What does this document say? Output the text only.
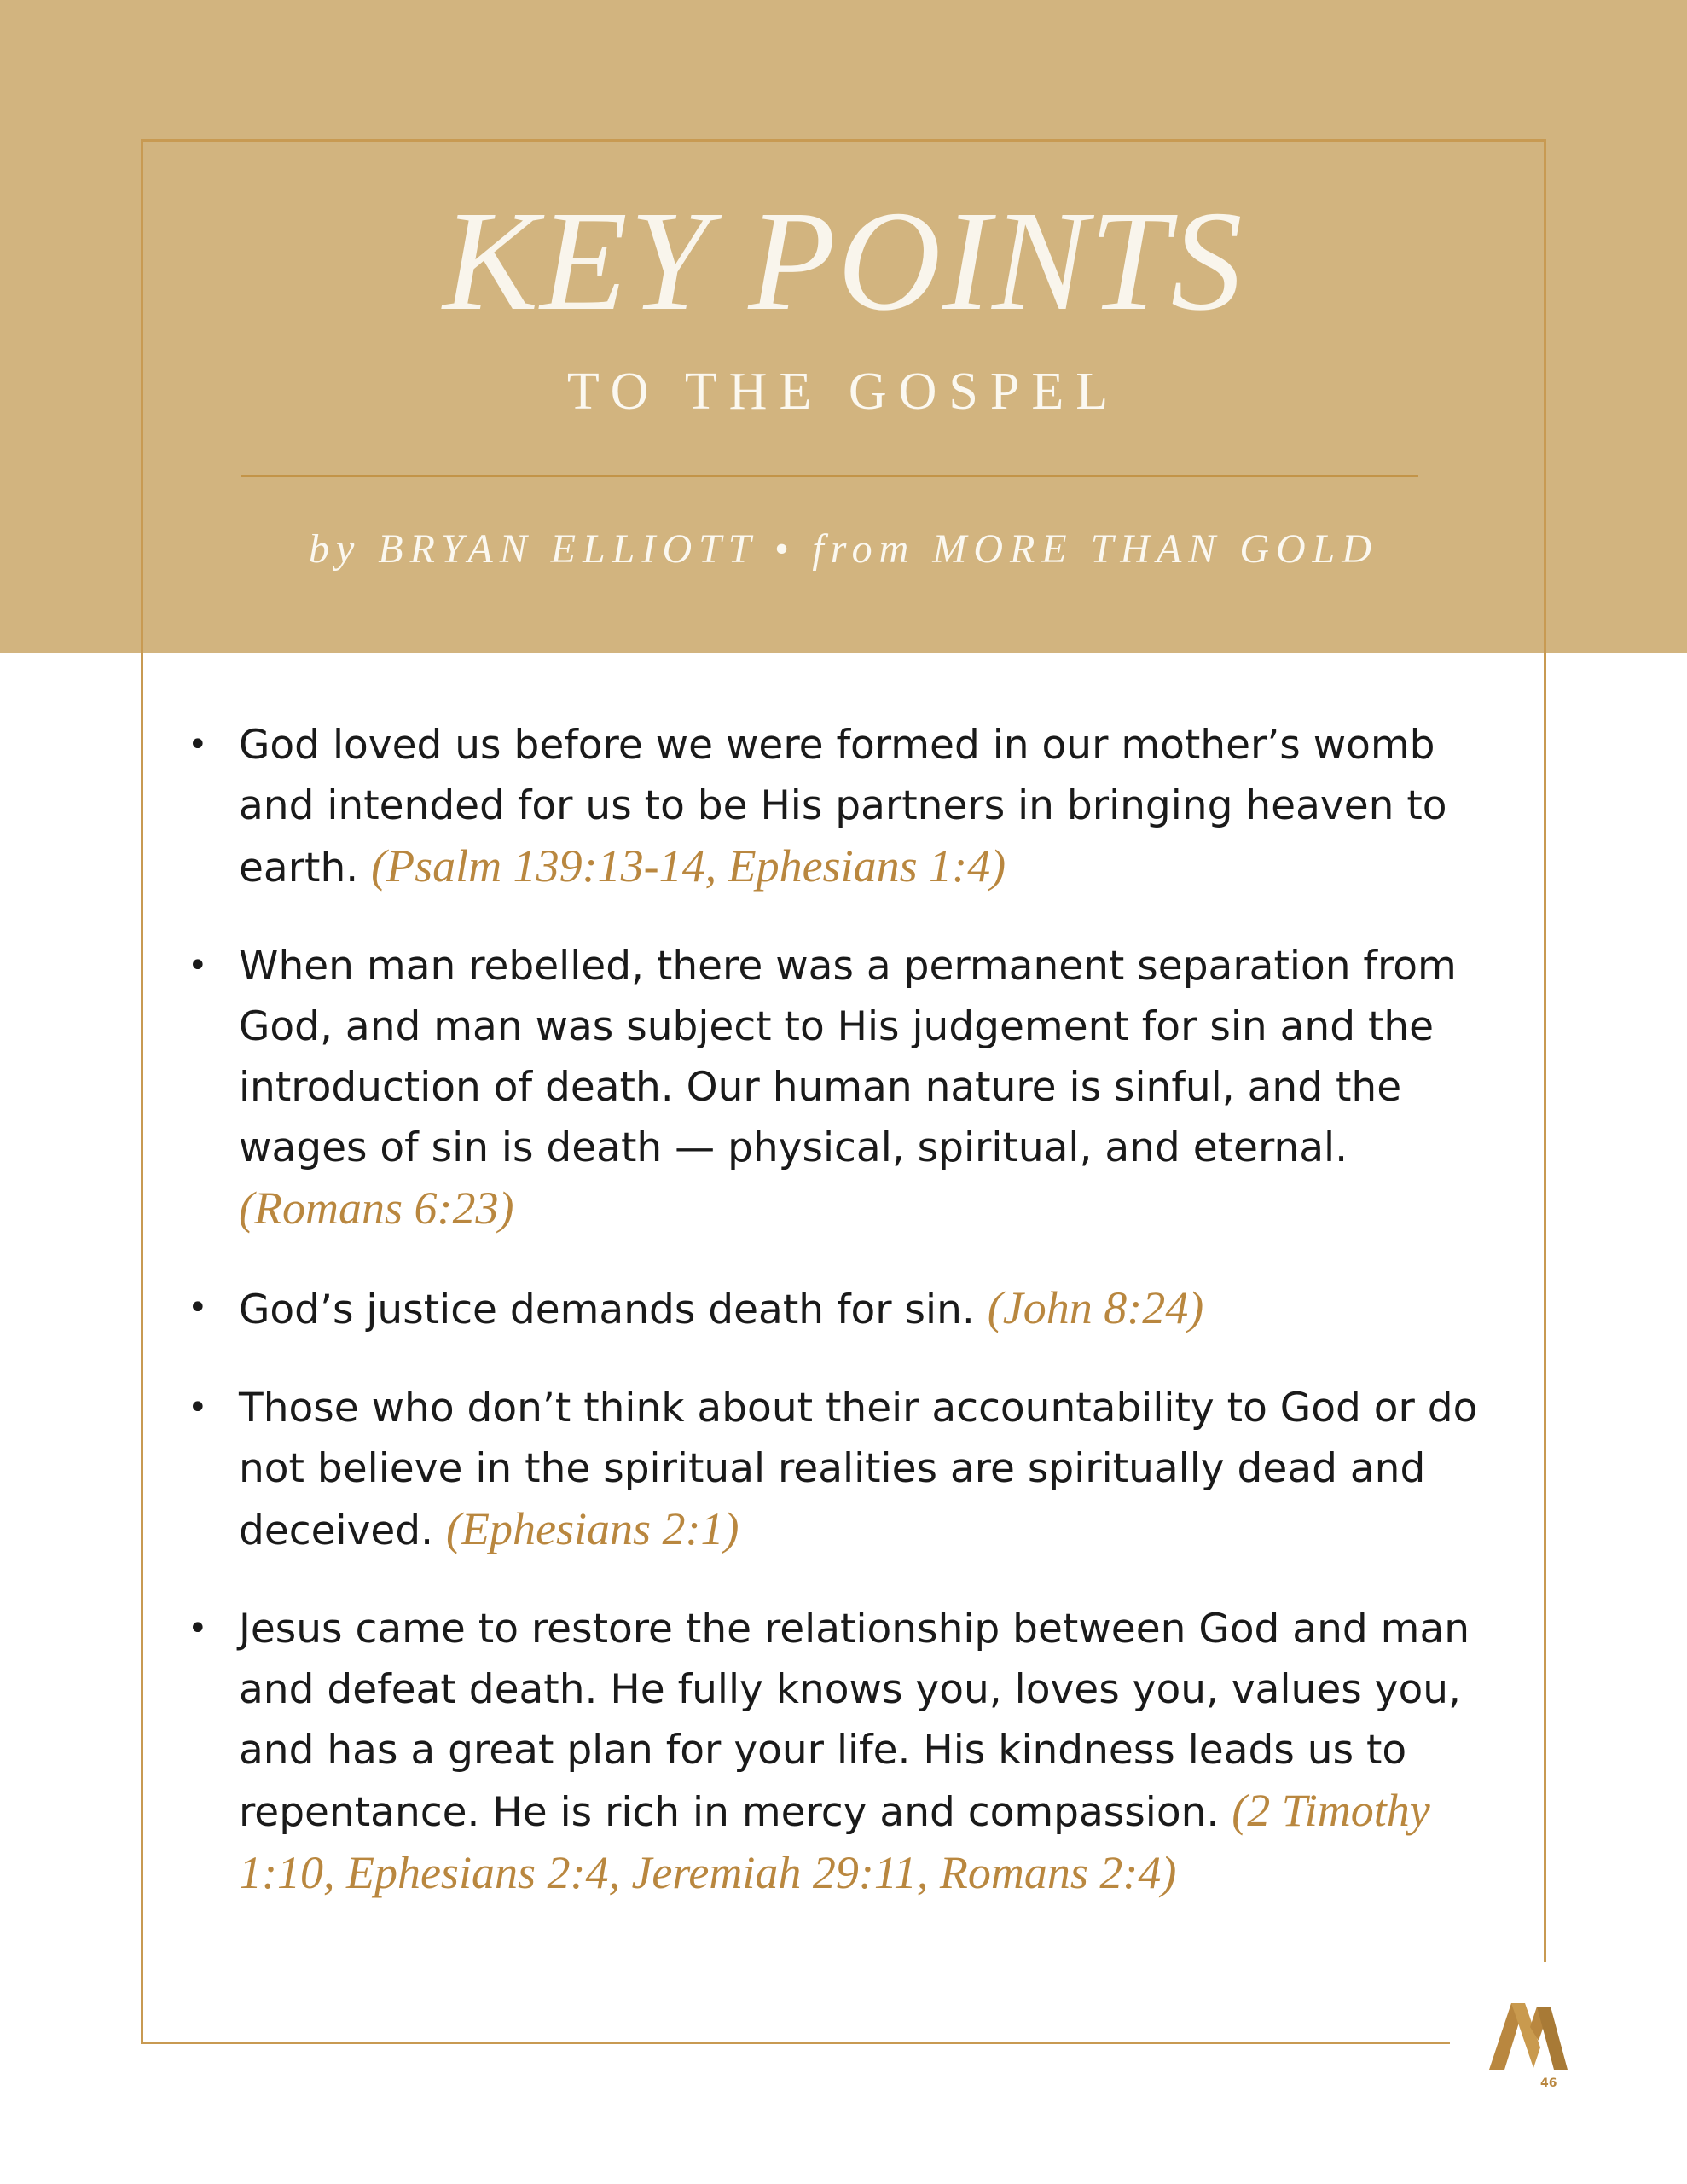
KEY POINTS
TO THE GOSPEL
by BRYAN ELLIOTT • from MORE THAN GOLD
• God loved us before we were formed in our mother’s womb and intended for us to be His partners in bringing heaven to earth. (Psalm 139:13-14, Ephesians 1:4)
• When man rebelled, there was a permanent separation from God, and man was subject to His judgement for sin and the introduction of death. Our human nature is sinful, and the wages of sin is death — physical, spiritual, and eternal. (Romans 6:23)
• God’s justice demands death for sin. (John 8:24)
• Those who don’t think about their accountability to God or do not believe in the spiritual realities are spiritually dead and deceived. (Ephesians 2:1)
• Jesus came to restore the relationship between God and man and defeat death. He fully knows you, loves you, values you, and has a great plan for your life. His kindness leads us to repentance. He is rich in mercy and compassion. (2 Timothy 1:10, Ephesians 2:4, Jeremiah 29:11, Romans 2:4)
46
